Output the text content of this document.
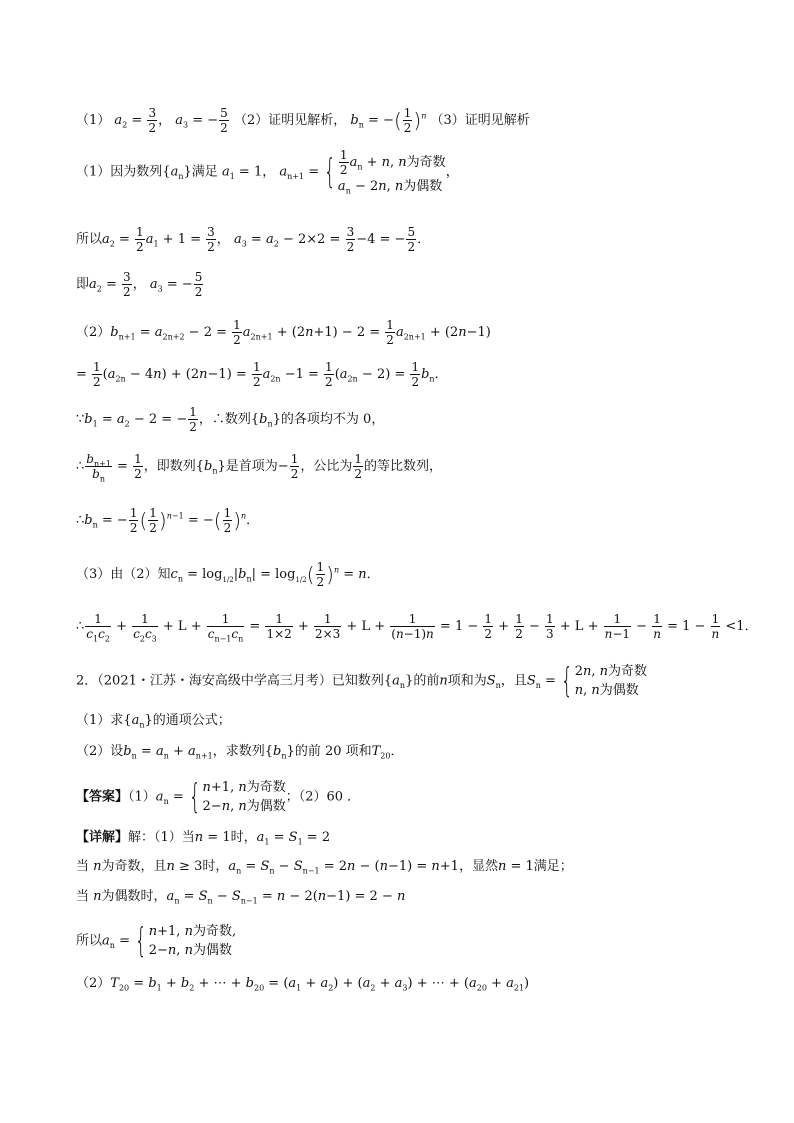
（1） $a_2 = \frac{3}{2}$ ， $a_3$ = − $\frac{5}{2} (2)$证明见解析， $b_n$ = −( $\frac{1}{2} )^n$ （3）证明见解析
（1）因为数列$\{a_n\}$满足 $a_1 = 1$， $a_{n+1}$ = { $\frac{1}{2} a_n + n$, n为奇数
$a_n - 2n$, n为偶数
，
所以$a_2 = \frac{1}{2} a_1 + 1 = \frac{3}{2}$ ， $a_3 = a_2 - 2\times 2 = \frac{3}{2} -4$ = − $\frac{5}{2}$ ．
即$a_2 = \frac{3}{2}$ ， $a_3$ = − $\frac{5}{2}$
$(2)b_{n+1} = a_{2n+2} - 2 = \frac{1}{2} a_{2n+1} + (2n+1) - 2 = \frac{1}{2} a_{2n+1} + (2n-1)$
= $\frac{1}{2} (a_{2n} - 4n) + (2n-1) = \frac{1}{2} a_{2n} -1 = \frac{1}{2} (a_{2n} - 2) = \frac{1}{2} b_n$．
$\because b_1 = a_2 - 2$ = − $\frac{1}{2}$ ，∴数列$\{b_n\}$的各项均不为 0，
∴ $\frac{b_{n+1}}{b_n} = \frac{1}{2}$ ，即数列$\{b_n\}$是首项为− $\frac{1}{2}$ ，公比为 $\frac{1}{2}$ 的等比数列，
$\therefore b_n$ = − $\frac{1}{2}$ ( $\frac{1}{2} )^{n-1}$ = −( $\frac{1}{2} )^n$．
（3）由（2）知$c_n = \log_{1/2}|b_n| = \log_{1/2}( \frac{1}{2} )^n = n$．
∴ $\frac{1}{c_1c_2} + \frac{1}{c_2c_3} + L + \frac{1}{c_{n-1}c_n} = \frac{1}{1\times 2} + \frac{1}{2\times 3} + L + \frac{1}{(n-1)n} = 1 - \frac{1}{2} + \frac{1}{2} - \frac{1}{3} + L + \frac{1}{n-1} - \frac{1}{n} = 1 - \frac{1}{n} <1$．
2．（2021・江苏・海安高级中学高三月考）已知数列$\{a_n\}$的前n项和为$S_n$，且$S_n$ = { 2n, n为奇数
n, n为偶数
（1）求$\{a_n\}$的通项公式；
（2）设$b_n = a_n + a_{n+1}$，求数列$\{b_n\}$的前 20 项和$T_{20}$．
【答案】$(1)a_n$ = { n+1, n为奇数
2−n, n为偶数
；（2）60 ．
【详解】解：（1）当n = 1时，$a_1 = S_1 = 2$
当 n为奇数，且n ≥ 3时，$a_n = S_n - S_{n-1} = 2n - (n-1) = n+1$，显然n = 1满足；
当 n为偶数时，$a_n = S_n - S_{n-1} = n - 2(n-1) = 2 - n$
所以$a_n$ = { n+1, n为奇数,
2−n, n为偶数
$(2)T_{20} = b_1 + b_2$ + ⋯ + $b_{20} = (a_1 + a_2) + (a_2 + a_3)$ + ⋯ + $(a_{20} + a_{21})$
